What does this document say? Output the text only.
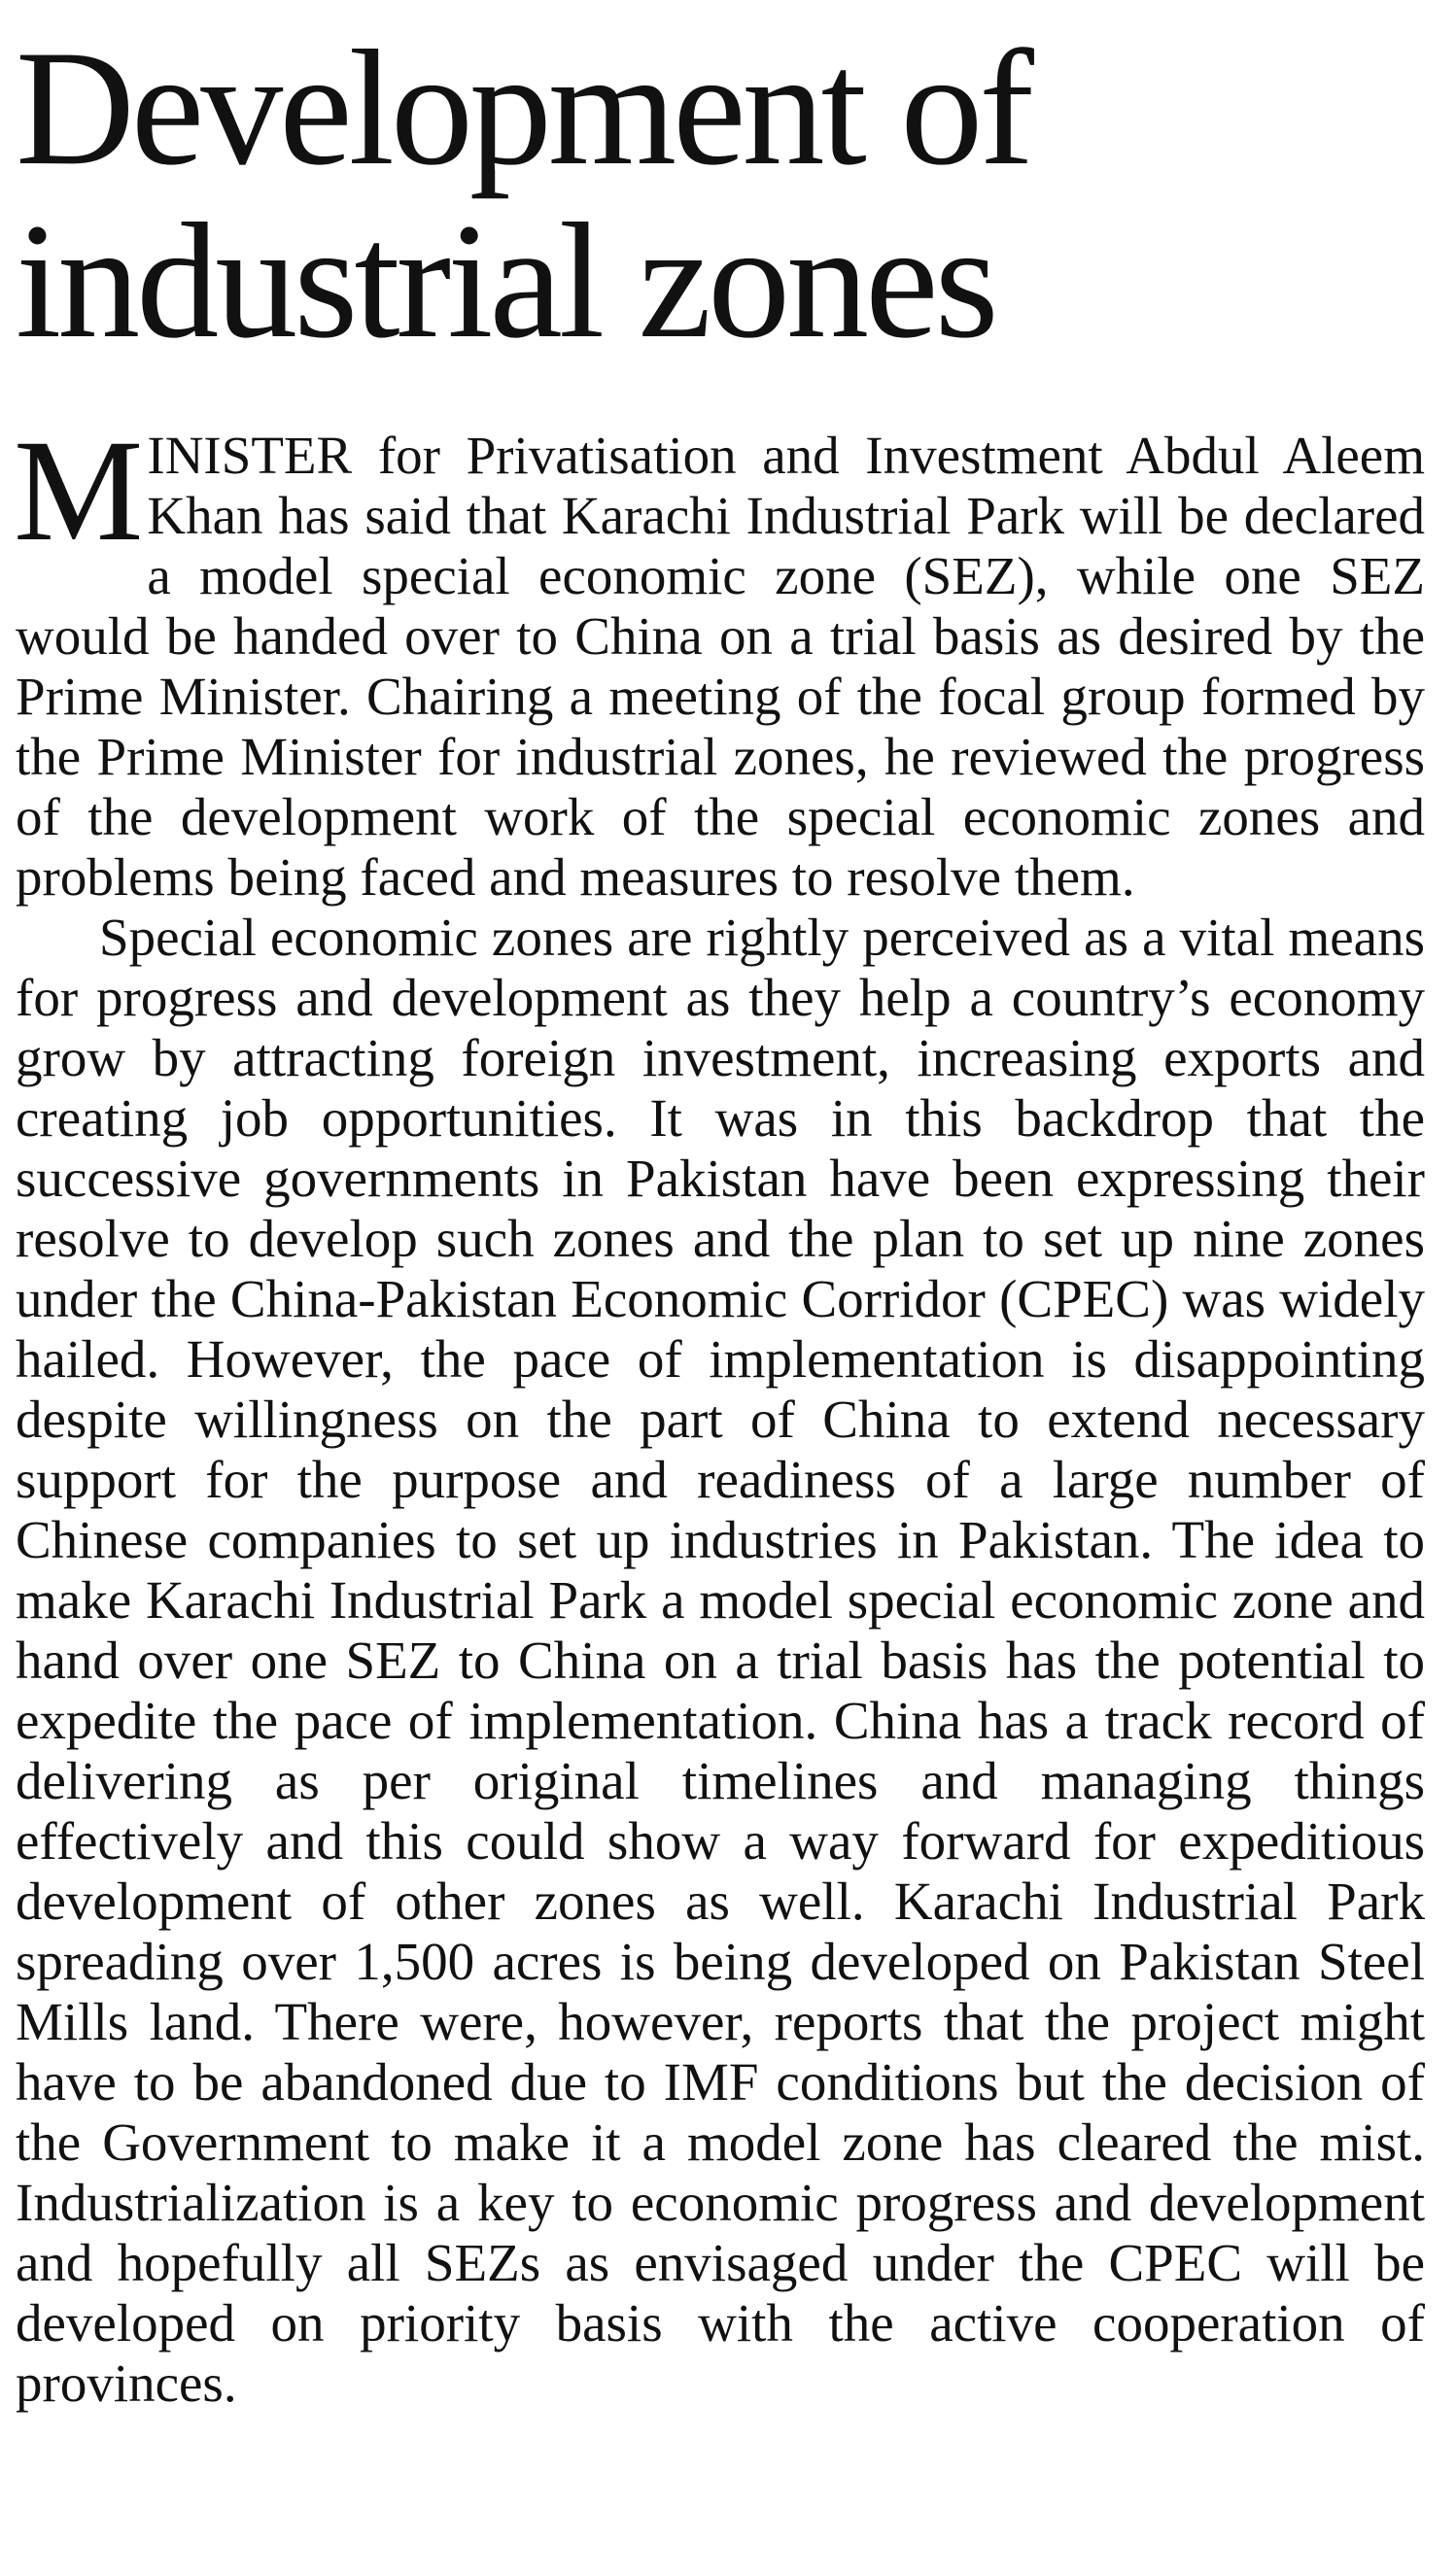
Development of
industrial zones

MINISTER for Privatisation and Investment Abdul Aleem Khan has said that Karachi Industrial Park will be declared a model special economic zone (SEZ), while one SEZ would be handed over to China on a trial basis as desired by the Prime Minister. Chairing a meeting of the focal group formed by the Prime Minister for industrial zones, he reviewed the progress of the development work of the special economic zones and problems being faced and measures to resolve them.

Special economic zones are rightly perceived as a vital means for progress and development as they help a country’s economy grow by attracting foreign investment, increasing exports and creating job opportunities. It was in this backdrop that the successive governments in Pakistan have been expressing their resolve to develop such zones and the plan to set up nine zones under the China-Pakistan Economic Corridor (CPEC) was widely hailed. However, the pace of implementation is disappointing despite willingness on the part of China to extend necessary support for the purpose and readiness of a large number of Chinese companies to set up industries in Pakistan. The idea to make Karachi Industrial Park a model special economic zone and hand over one SEZ to China on a trial basis has the potential to expedite the pace of implementation. China has a track record of delivering as per original timelines and managing things effectively and this could show a way forward for expeditious development of other zones as well. Karachi Industrial Park spreading over 1,500 acres is being developed on Pakistan Steel Mills land. There were, however, reports that the project might have to be abandoned due to IMF conditions but the decision of the Government to make it a model zone has cleared the mist. Industrialization is a key to economic progress and development and hopefully all SEZs as envisaged under the CPEC will be developed on priority basis with the active cooperation of provinces.
